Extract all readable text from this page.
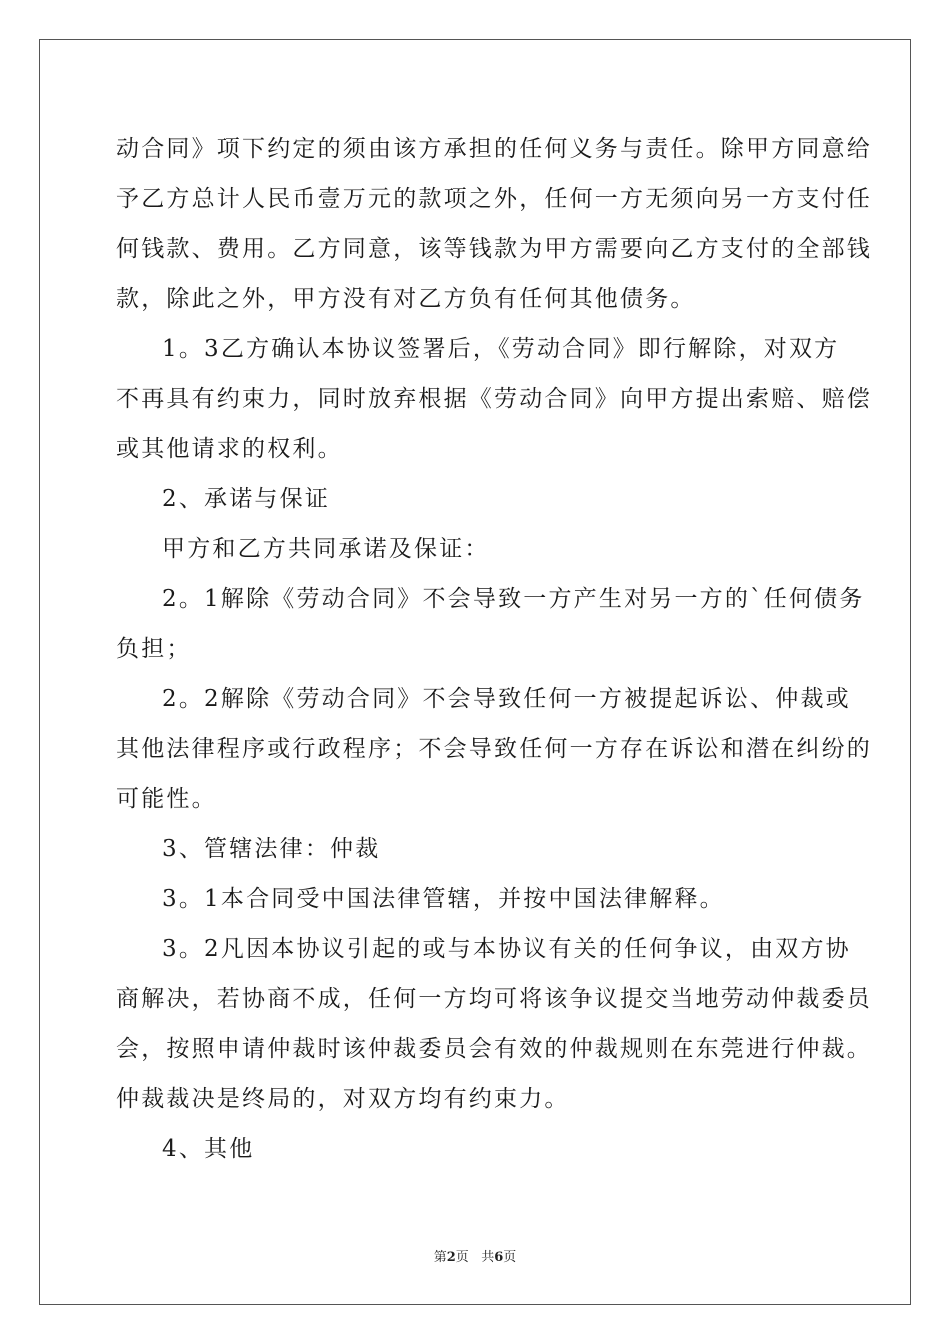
动合同》项下约定的须由该方承担的任何义务与责任。除甲方同意给
予乙方总计人民币壹万元的款项之外，任何一方无须向另一方支付任
何钱款、费用。乙方同意，该等钱款为甲方需要向乙方支付的全部钱
款，除此之外，甲方没有对乙方负有任何其他债务。
1。3乙方确认本协议签署后，《劳动合同》即行解除，对双方
不再具有约束力，同时放弃根据《劳动合同》向甲方提出索赔、赔偿
或其他请求的权利。
2、承诺与保证
甲方和乙方共同承诺及保证：
2。1解除《劳动合同》不会导致一方产生对另一方的`任何债务
负担；
2。2解除《劳动合同》不会导致任何一方被提起诉讼、仲裁或
其他法律程序或行政程序；不会导致任何一方存在诉讼和潜在纠纷的
可能性。
3、管辖法律：仲裁
3。1本合同受中国法律管辖，并按中国法律解释。
3。2凡因本协议引起的或与本协议有关的任何争议，由双方协
商解决，若协商不成，任何一方均可将该争议提交当地劳动仲裁委员
会，按照申请仲裁时该仲裁委员会有效的仲裁规则在东莞进行仲裁。
仲裁裁决是终局的，对双方均有约束力。
4、其他
第2页 共6页
